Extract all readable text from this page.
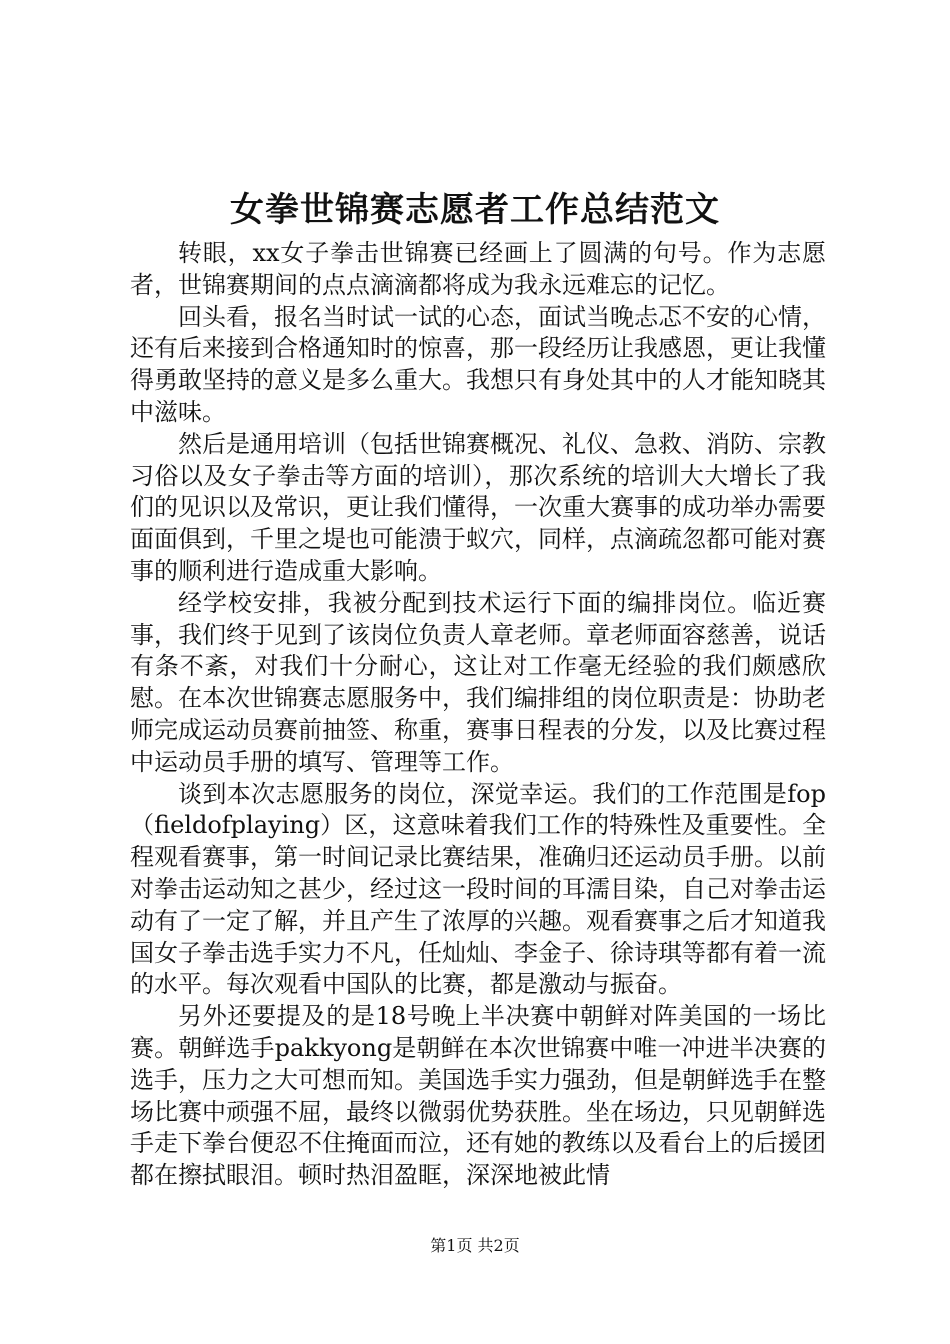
女拳世锦赛志愿者工作总结范文

转眼，xx女子拳击世锦赛已经画上了圆满的句号。作为志愿者，世锦赛期间的点点滴滴都将成为我永远难忘的记忆。

回头看，报名当时试一试的心态，面试当晚忐忑不安的心情，还有后来接到合格通知时的惊喜，那一段经历让我感恩，更让我懂得勇敢坚持的意义是多么重大。我想只有身处其中的人才能知晓其中滋味。

然后是通用培训（包括世锦赛概况、礼仪、急救、消防、宗教习俗以及女子拳击等方面的培训），那次系统的培训大大增长了我们的见识以及常识，更让我们懂得，一次重大赛事的成功举办需要面面俱到，千里之堤也可能溃于蚁穴，同样，点滴疏忽都可能对赛事的顺利进行造成重大影响。

经学校安排，我被分配到技术运行下面的编排岗位。临近赛事，我们终于见到了该岗位负责人章老师。章老师面容慈善，说话有条不紊，对我们十分耐心，这让对工作毫无经验的我们颇感欣慰。在本次世锦赛志愿服务中，我们编排组的岗位职责是：协助老师完成运动员赛前抽签、称重，赛事日程表的分发，以及比赛过程中运动员手册的填写、管理等工作。

谈到本次志愿服务的岗位，深觉幸运。我们的工作范围是fop（fieldofplaying）区，这意味着我们工作的特殊性及重要性。全程观看赛事，第一时间记录比赛结果，准确归还运动员手册。以前对拳击运动知之甚少，经过这一段时间的耳濡目染，自己对拳击运动有了一定了解，并且产生了浓厚的兴趣。观看赛事之后才知道我国女子拳击选手实力不凡，任灿灿、李金子、徐诗琪等都有着一流的水平。每次观看中国队的比赛，都是激动与振奋。

另外还要提及的是18号晚上半决赛中朝鲜对阵美国的一场比赛。朝鲜选手pakkyong是朝鲜在本次世锦赛中唯一冲进半决赛的选手，压力之大可想而知。美国选手实力强劲，但是朝鲜选手在整场比赛中顽强不屈，最终以微弱优势获胜。坐在场边，只见朝鲜选手走下拳台便忍不住掩面而泣，还有她的教练以及看台上的后援团都在擦拭眼泪。顿时热泪盈眶，深深地被此情

第1页 共2页
